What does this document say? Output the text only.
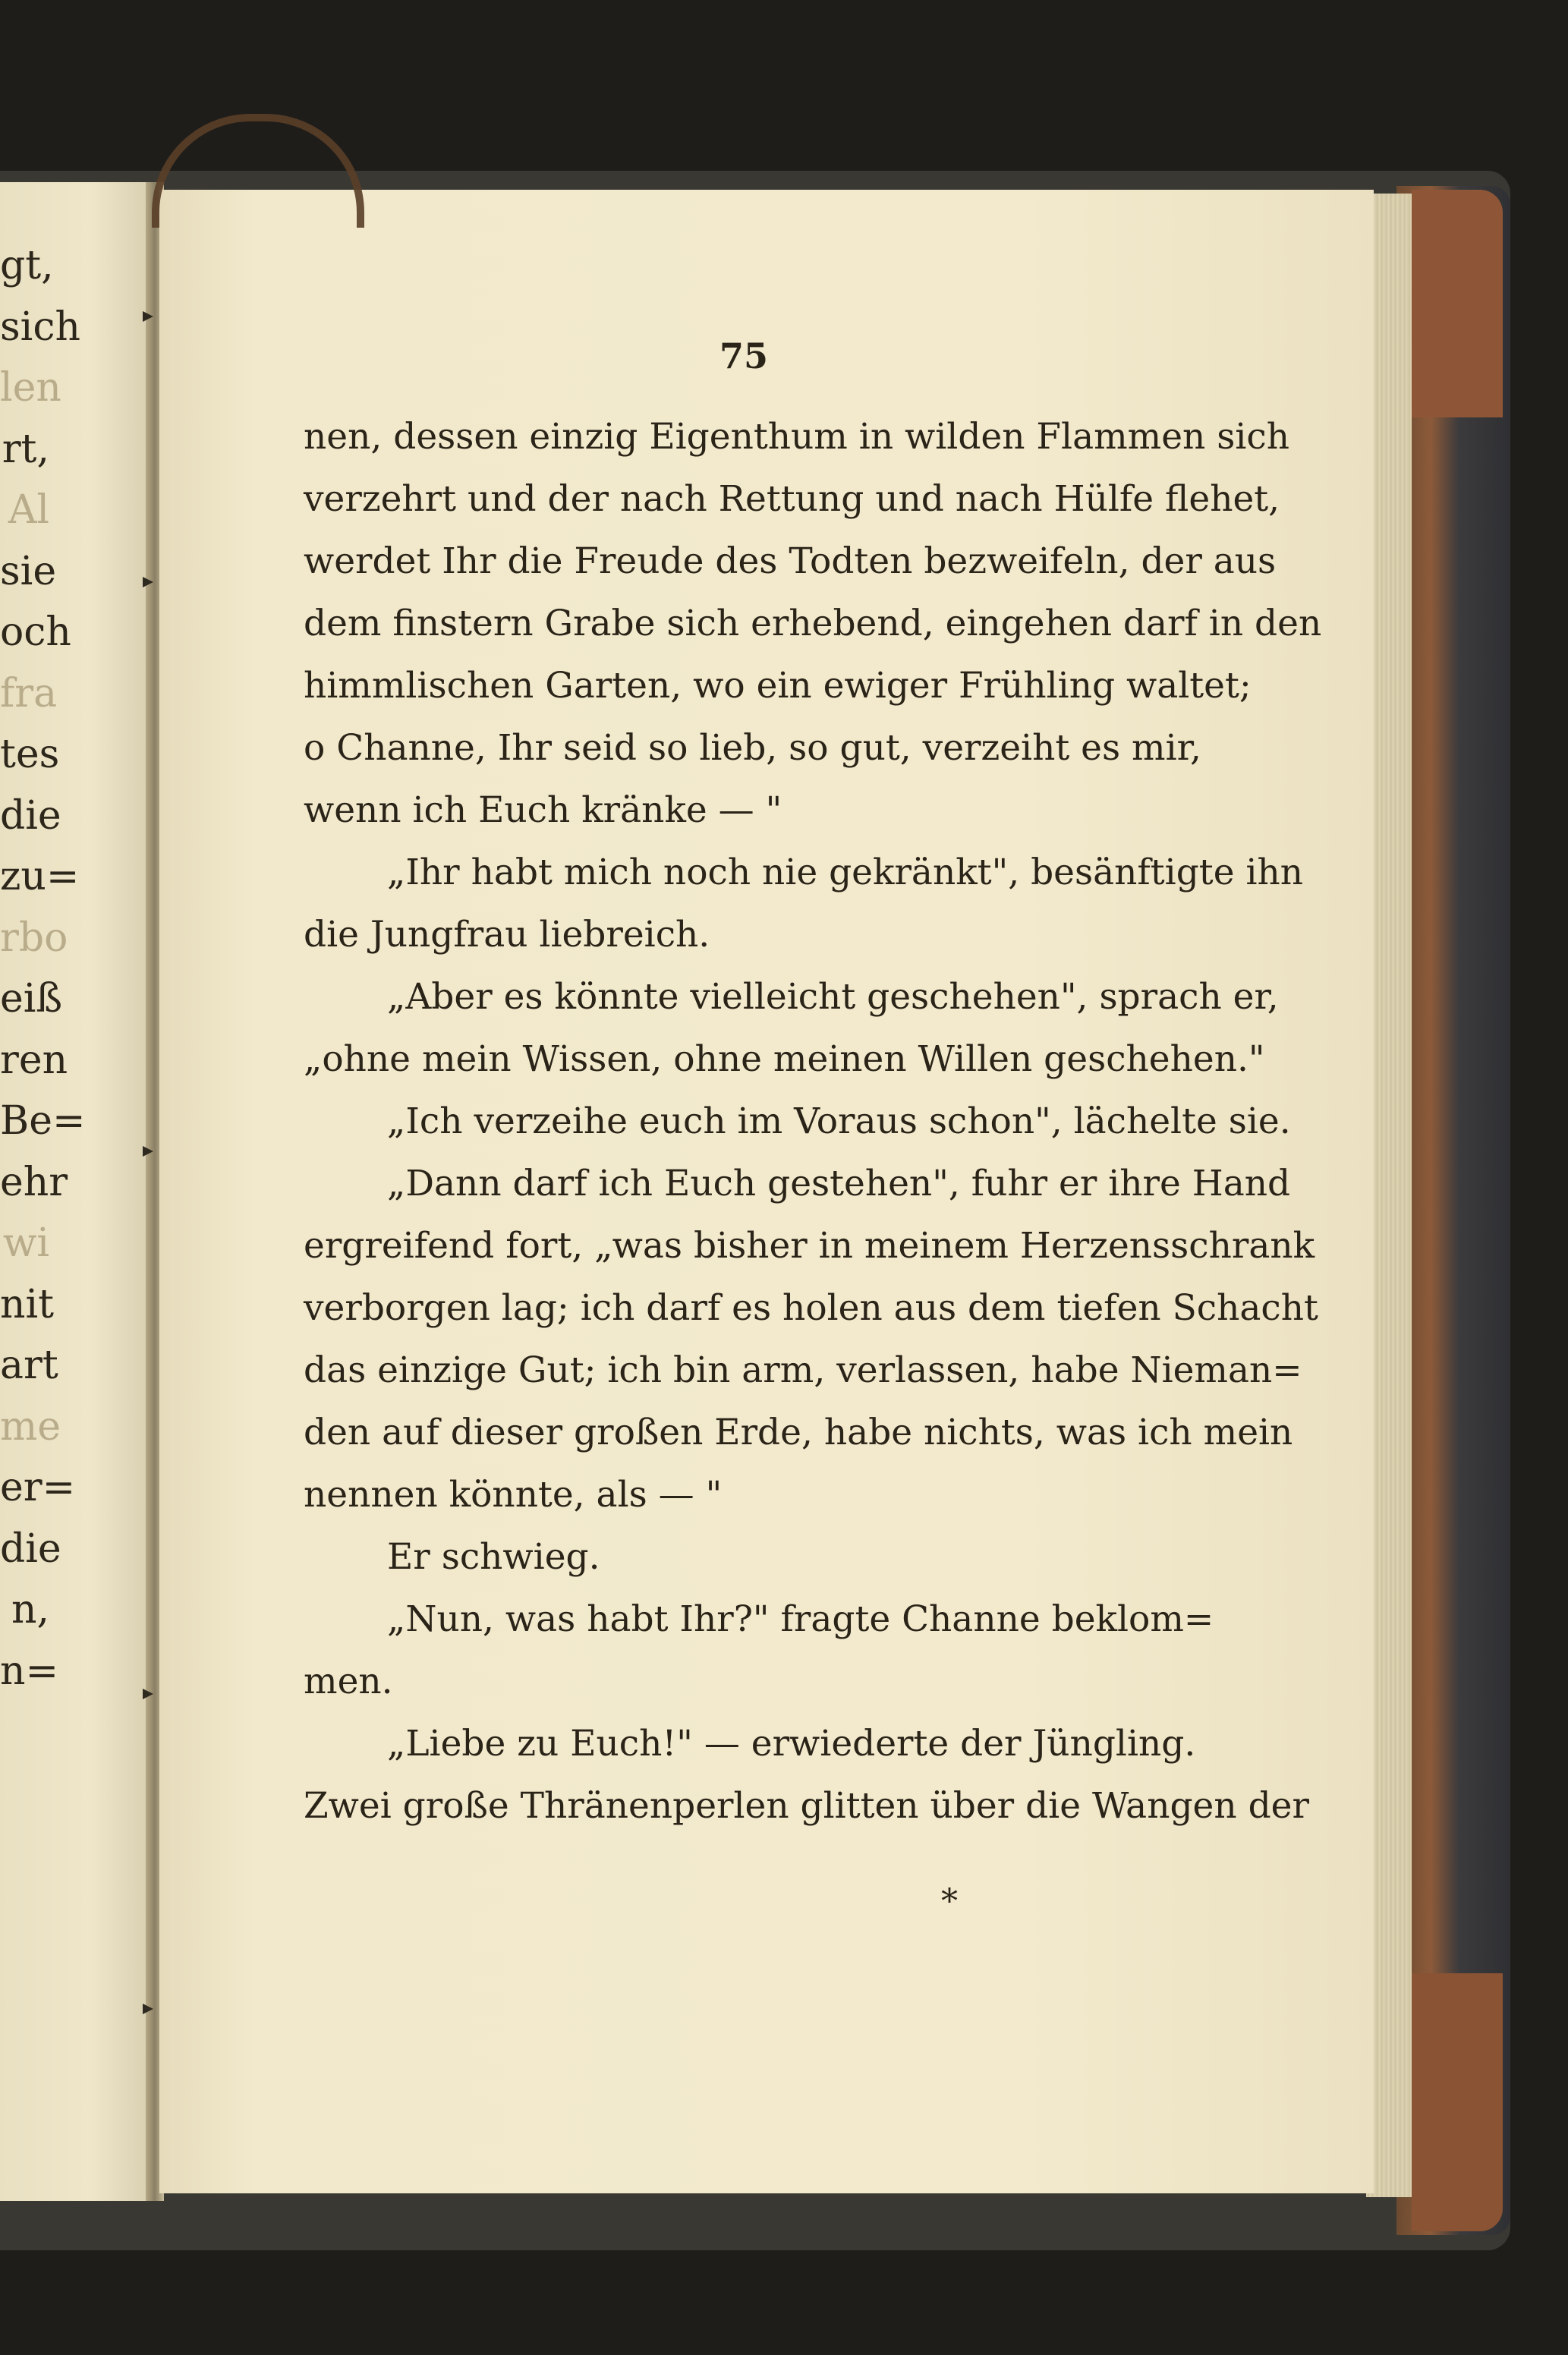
gt,
sich
len
rt,
Al
sie
och
fra
tes
die
zu=
rbo
eiß
ren
Be=
ehr
wi
nit
art
me
er=
die
n,
n=
75
nen, dessen einzig Eigenthum in wilden Flammen sich
verzehrt und der nach Rettung und nach Hülfe flehet,
werdet Ihr die Freude des Todten bezweifeln, der aus
dem finstern Grabe sich erhebend, eingehen darf in den
himmlischen Garten, wo ein ewiger Frühling waltet;
o Channe, Ihr seid so lieb, so gut, verzeiht es mir,
wenn ich Euch kränke — "
„Ihr habt mich noch nie gekränkt", besänftigte ihn
die Jungfrau liebreich.
„Aber es könnte vielleicht geschehen", sprach er,
„ohne mein Wissen, ohne meinen Willen geschehen."
„Ich verzeihe euch im Voraus schon", lächelte sie.
„Dann darf ich Euch gestehen", fuhr er ihre Hand
ergreifend fort, „was bisher in meinem Herzensschrank
verborgen lag; ich darf es holen aus dem tiefen Schacht
das einzige Gut; ich bin arm, verlassen, habe Nieman=
den auf dieser großen Erde, habe nichts, was ich mein
nennen könnte, als — "
Er schwieg.
„Nun, was habt Ihr?" fragte Channe beklom=
men.
„Liebe zu Euch!" — erwiederte der Jüngling.
Zwei große Thränenperlen glitten über die Wangen der
*
